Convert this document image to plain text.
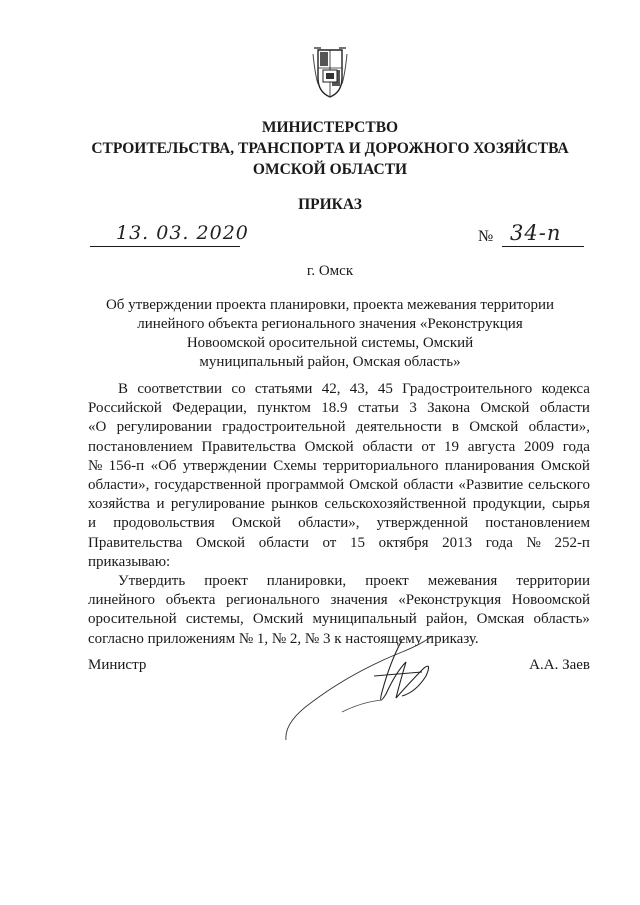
МИНИСТЕРСТВО
СТРОИТЕЛЬСТВА, ТРАНСПОРТА И ДОРОЖНОГО ХОЗЯЙСТВА
ОМСКОЙ ОБЛАСТИ
ПРИКАЗ
13. 03. 2020	№ 34-п
г. Омск
Об утверждении проекта планировки, проекта межевания территории
линейного объекта регионального значения «Реконструкция
Новоомской оросительной системы, Омский
муниципальный район, Омская область»
В соответствии со статьями 42, 43, 45 Градостроительного кодекса
Российской Федерации, пунктом 18.9 статьи 3 Закона Омской области
«О регулировании градостроительной деятельности в Омской области»,
постановлением Правительства Омской области от 19 августа 2009 года
№ 156-п «Об утверждении Схемы территориального планирования Омской
области», государственной программой Омской области «Развитие сельского
хозяйства и регулирование рынков сельскохозяйственной продукции, сырья
и продовольствия Омской области», утвержденной постановлением
Правительства Омской области от 15 октября 2013 года № 252-п
приказываю:
Утвердить проект планировки, проект межевания территории
линейного объекта регионального значения «Реконструкция Новоомской
оросительной системы, Омский муниципальный район, Омская область»
согласно приложениям № 1, № 2, № 3 к настоящему приказу.
Министр	А.А. Заев
